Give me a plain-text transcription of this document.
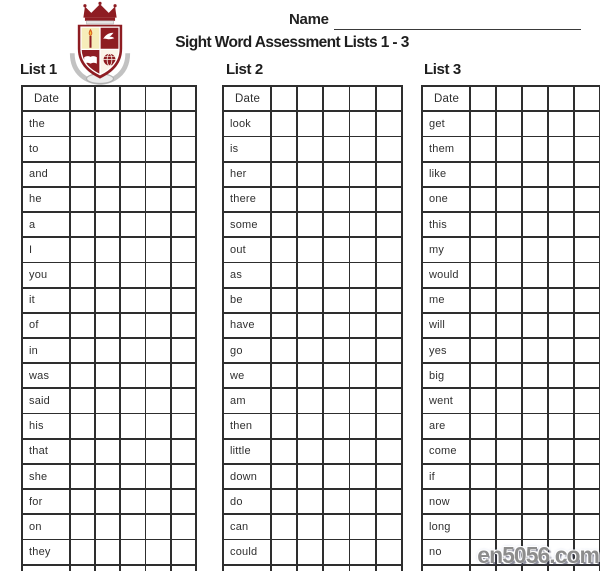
Name
Sight Word Assessment Lists 1 - 3
List 1	List 2	List 3
Date
the
to
and
he
a
I
you
it
of
in
was
said
his
that
she
for
on
they
Date
look
is
her
there
some
out
as
be
have
go
we
am
then
little
down
do
can
could
Date
get
them
like
one
this
my
would
me
will
yes
big
went
are
come
if
now
long
no	en5056.com
